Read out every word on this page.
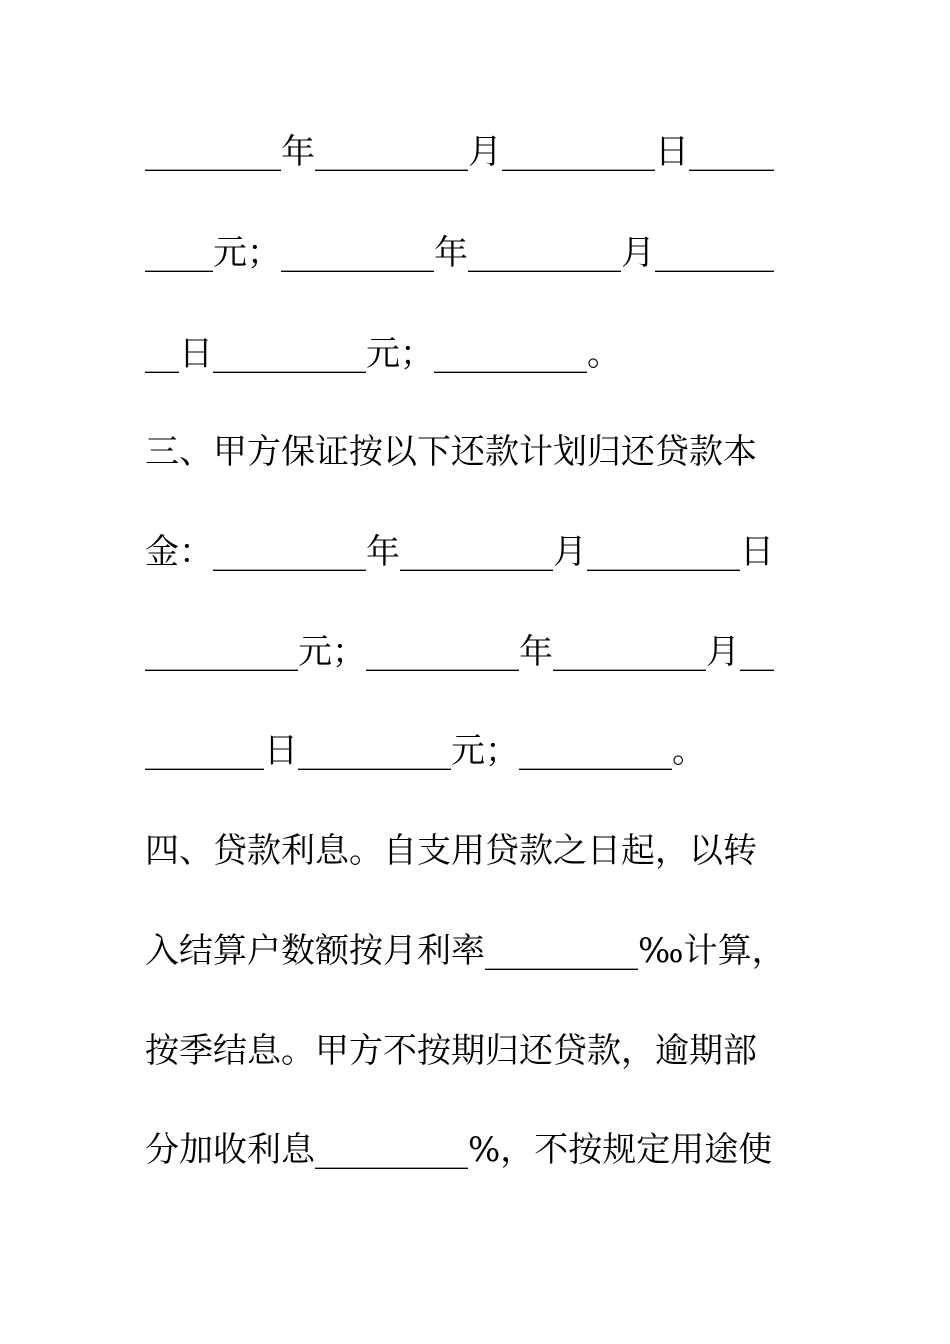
________年_________月_________日_____
____元；_________年_________月_______
__日_________元；_________。
三、甲方保证按以下还款计划归还贷款本
金：_________年_________月_________日
_________元；_________年_________月__
_______日_________元；_________。
四、贷款利息。自支用贷款之日起，以转
入结算户数额按月利率_________‰计算，
按季结息。甲方不按期归还贷款，逾期部
分加收利息_________%，不按规定用途使
